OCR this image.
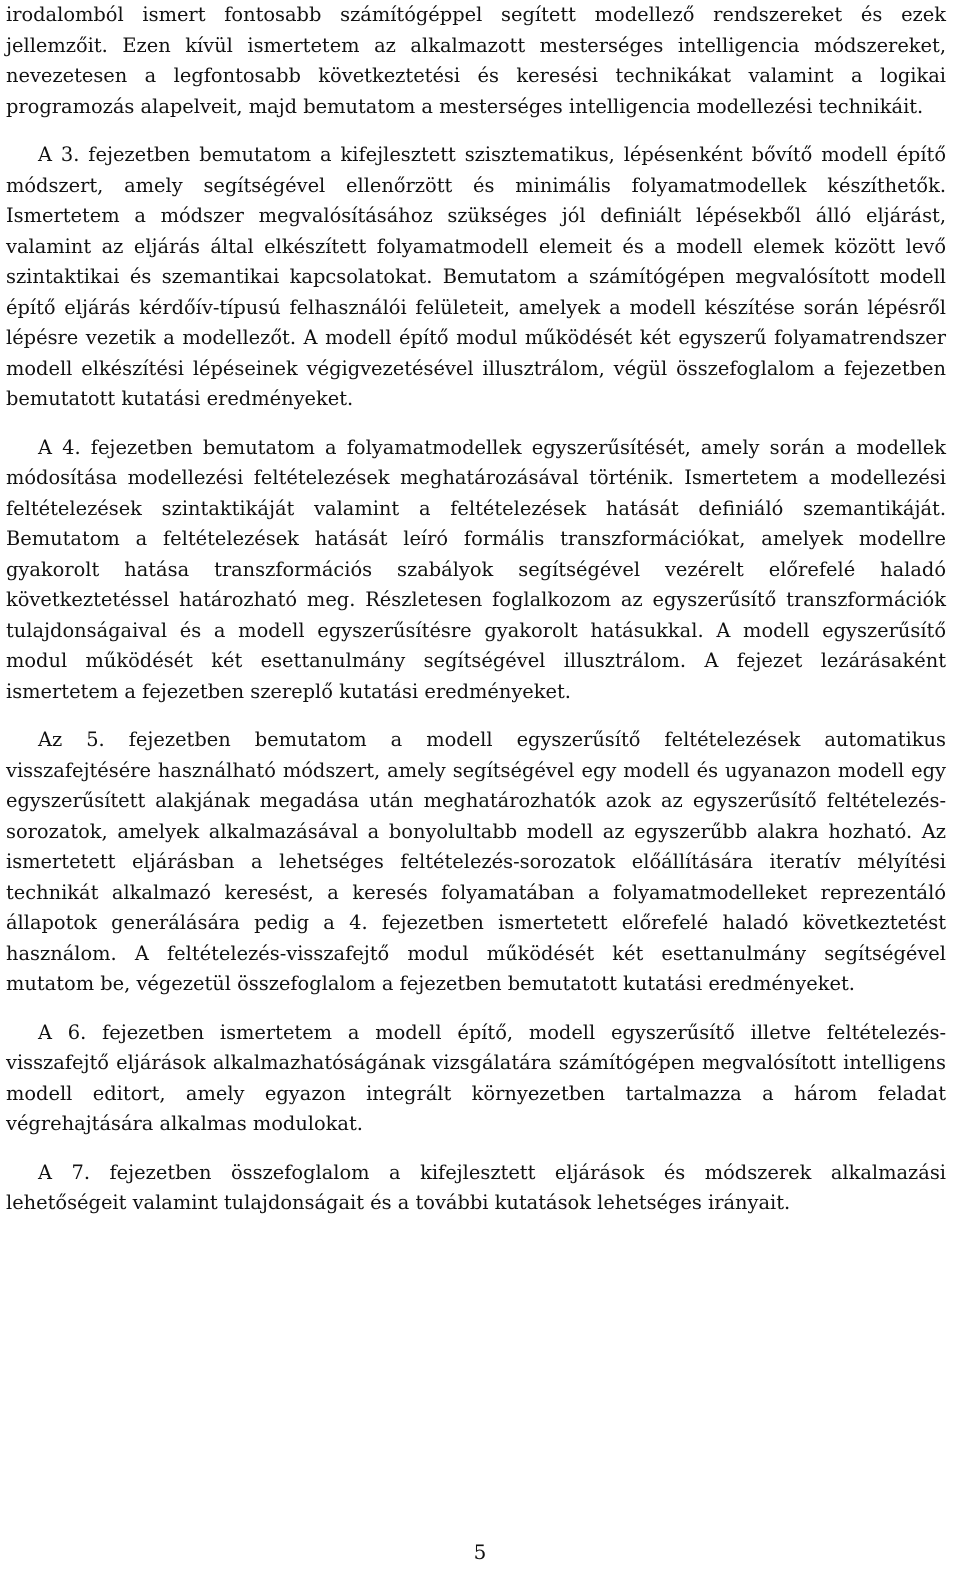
irodalomból ismert fontosabb számítógéppel segített modellező rendszereket és ezek jellemzőit. Ezen kívül ismertetem az alkalmazott mesterséges intelligencia módszereket, nevezetesen a legfontosabb következtetési és keresési technikákat valamint a logikai programozás alapelveit, majd bemutatom a mesterséges intelligencia modellezési technikáit.

A 3. fejezetben bemutatom a kifejlesztett szisztematikus, lépésenként bővítő modell építő módszert, amely segítségével ellenőrzött és minimális folyamatmodellek készíthetők. Ismertetem a módszer megvalósításához szükséges jól definiált lépésekből álló eljárást, valamint az eljárás által elkészített folyamatmodell elemeit és a modell elemek között levő szintaktikai és szemantikai kapcsolatokat. Bemutatom a számítógépen megvalósított modell építő eljárás kérdőív-típusú felhasználói felületeit, amelyek a modell készítése során lépésről lépésre vezetik a modellezőt. A modell építő modul működését két egyszerű folyamatrendszer modell elkészítési lépéseinek végigvezetésével illusztrálom, végül összefoglalom a fejezetben bemutatott kutatási eredményeket.

A 4. fejezetben bemutatom a folyamatmodellek egyszerűsítését, amely során a modellek módosítása modellezési feltételezések meghatározásával történik. Ismertetem a modellezési feltételezések szintaktikáját valamint a feltételezések hatását definiáló szemantikáját. Bemutatom a feltételezések hatását leíró formális transzformációkat, amelyek modellre gyakorolt hatása transzformációs szabályok segítségével vezérelt előrefelé haladó következtetéssel határozható meg. Részletesen foglalkozom az egyszerűsítő transzformációk tulajdonságaival és a modell egyszerűsítésre gyakorolt hatásukkal. A modell egyszerűsítő modul működését két esettanulmány segítségével illusztrálom. A fejezet lezárásaként ismertetem a fejezetben szereplő kutatási eredményeket.

Az 5. fejezetben bemutatom a modell egyszerűsítő feltételezések automatikus visszafejtésére használható módszert, amely segítségével egy modell és ugyanazon modell egy egyszerűsített alakjának megadása után meghatározhatók azok az egyszerűsítő feltételezés-sorozatok, amelyek alkalmazásával a bonyolultabb modell az egyszerűbb alakra hozható. Az ismertetett eljárásban a lehetséges feltételezés-sorozatok előállítására iteratív mélyítési technikát alkalmazó keresést, a keresés folyamatában a folyamatmodelleket reprezentáló állapotok generálására pedig a 4. fejezetben ismertetett előrefelé haladó következtetést használom. A feltételezés-visszafejtő modul működését két esettanulmány segítségével mutatom be, végezetül összefoglalom a fejezetben bemutatott kutatási eredményeket.

A 6. fejezetben ismertetem a modell építő, modell egyszerűsítő illetve feltételezés-visszafejtő eljárások alkalmazhatóságának vizsgálatára számítógépen megvalósított intelligens modell editort, amely egyazon integrált környezetben tartalmazza a három feladat végrehajtására alkalmas modulokat.

A 7. fejezetben összefoglalom a kifejlesztett eljárások és módszerek alkalmazási lehetőségeit valamint tulajdonságait és a további kutatások lehetséges irányait.

5
